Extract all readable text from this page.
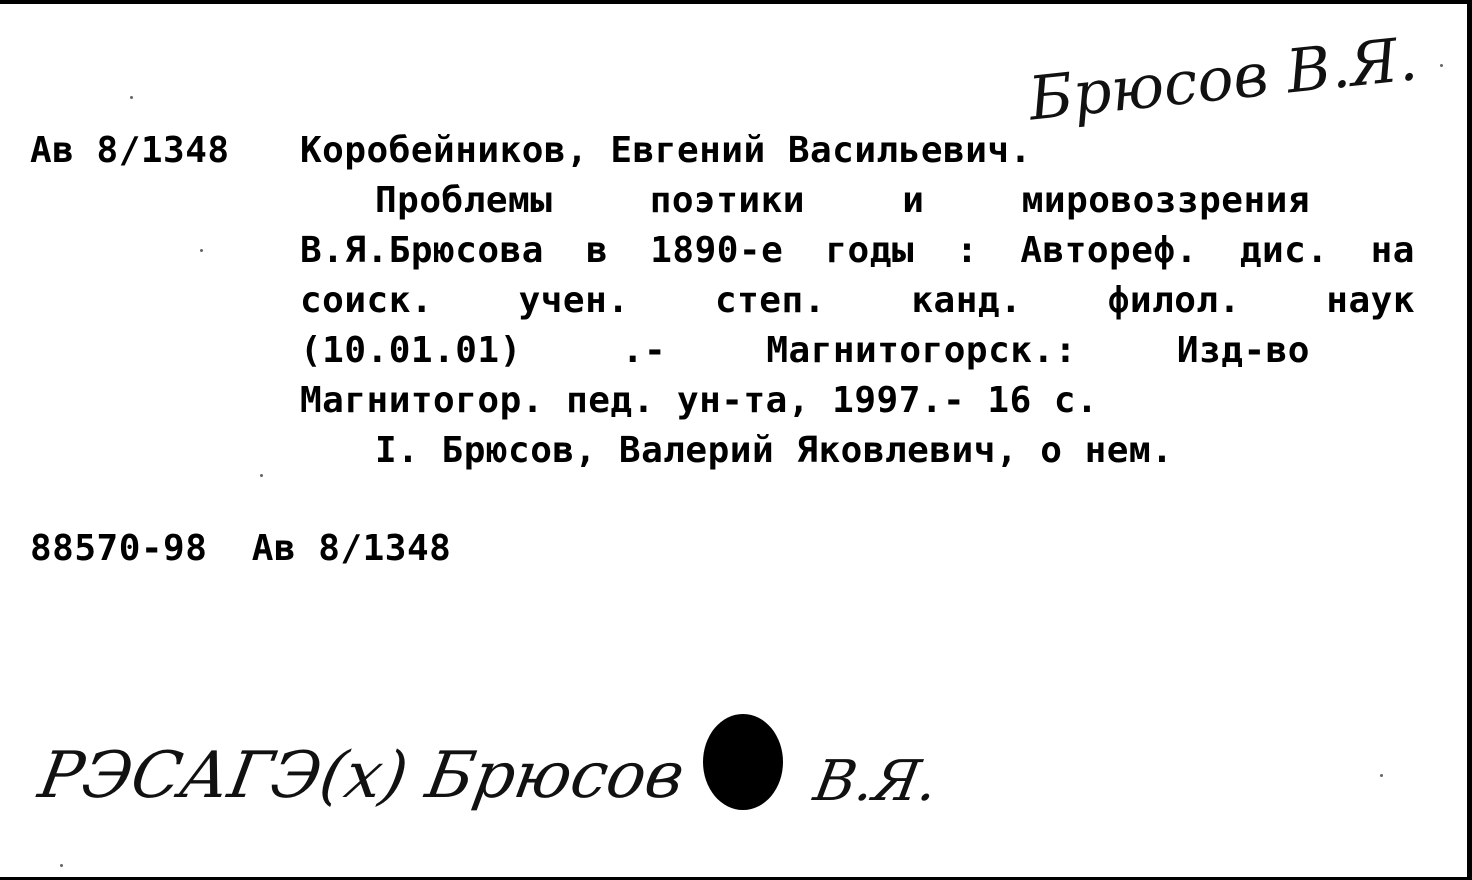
Брюсов В.Я.
Ав 8/1348 Коробейников, Евгений Васильевич.
Проблемы	поэтики	и	мировоззрения
В.Я.Брюсова в 1890-е годы : Автореф. дис. на
соиск. учен. степ. канд. филол. наук
(10.01.01)	.-	Магнитогорск.:	Изд-во
Магнитогор. пед. ун-та, 1997.- 16 с.
I. Брюсов, Валерий Яковлевич, о нем.
88570-98  Ав 8/1348
РЭСАГЭ(х) Брюсов В.Я.
